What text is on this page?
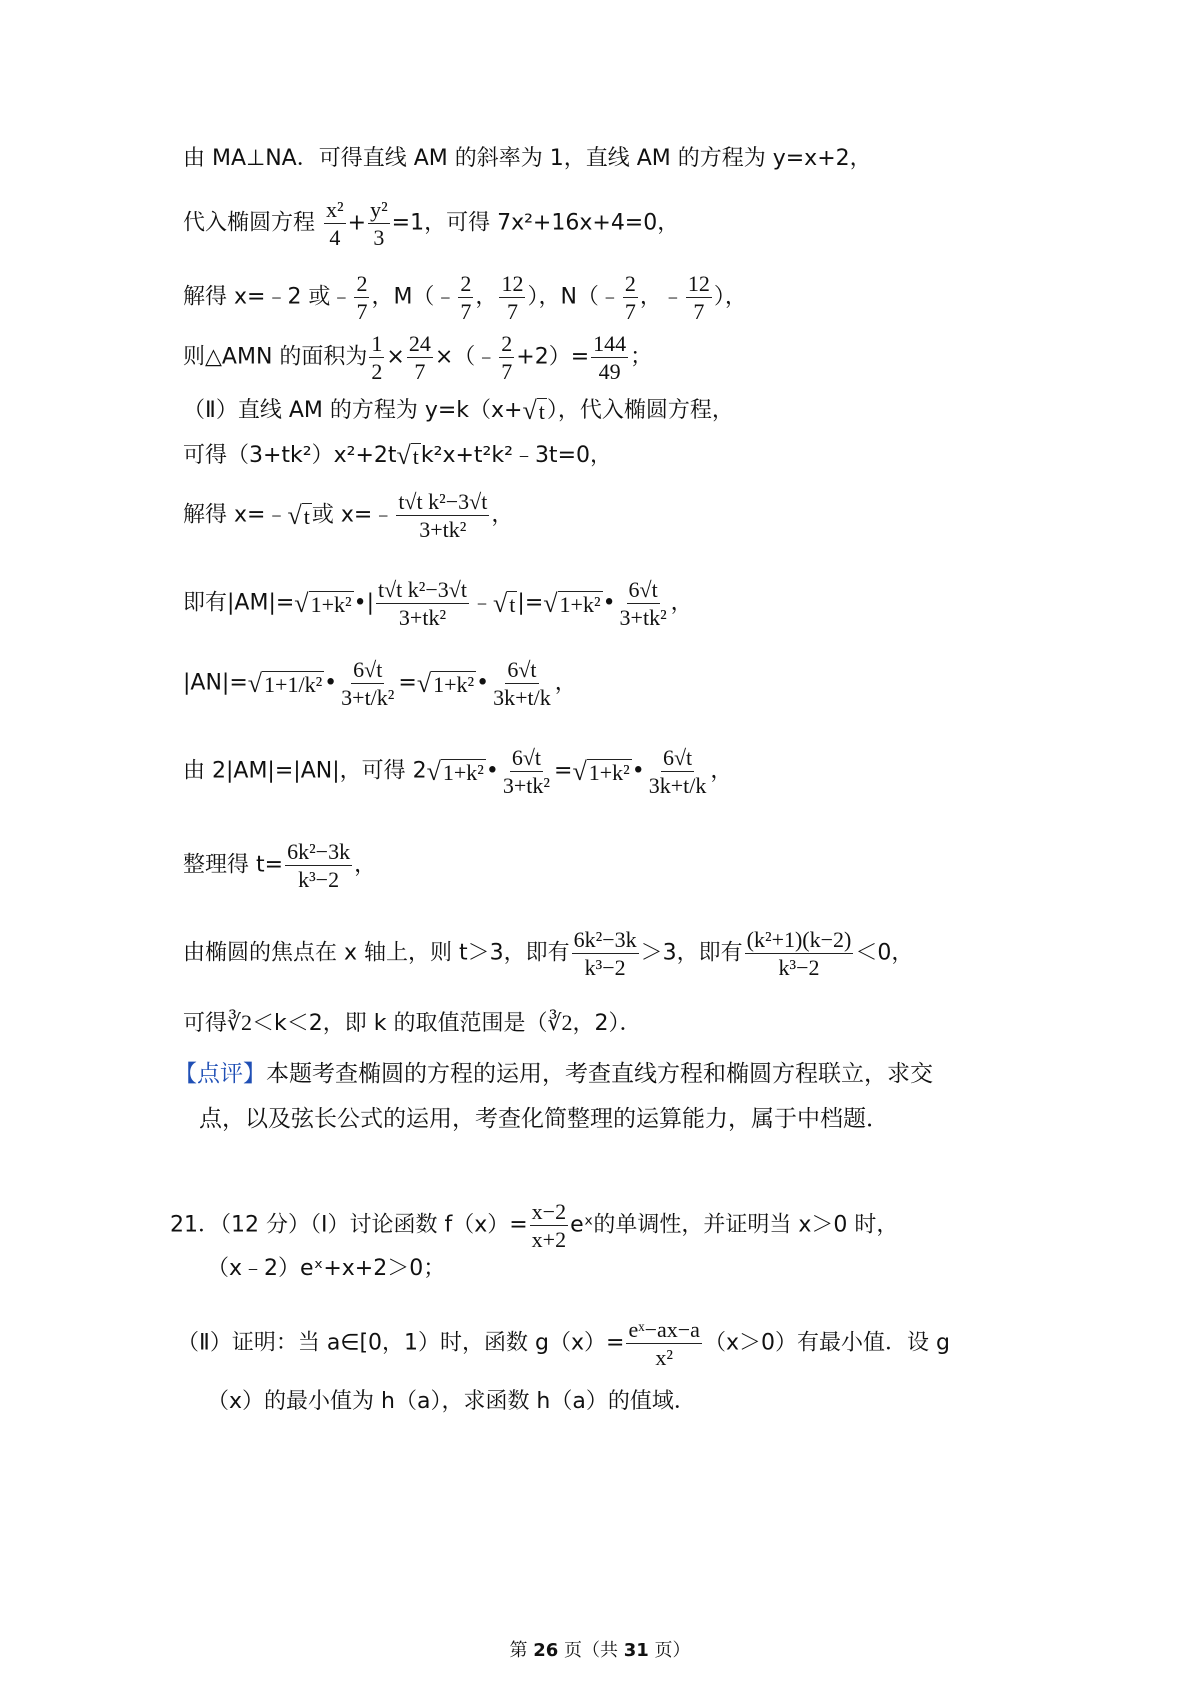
由 MA⊥NA．可得直线 AM 的斜率为 1，直线 AM 的方程为 y=x+2，
代入椭圆方程 $\frac{\text{x²}}{4} + \frac{\text{y²}}{3} =1$，可得 7x²+16x+4=0，
解得 x=﹣2 或﹣ $\frac{2}{7}$ ，M（﹣ $\frac{2}{7}$ ， $\frac{12}{7}$ ），N（﹣ $\frac{2}{7}$ ，﹣ $\frac{12}{7}$ ），
则△AMN 的面积为 $\frac{1}{2} \times \frac{24}{7}$ ×（﹣ $\frac{2}{7} +2)= \frac{144}{49}$ ；
（Ⅱ）直线 AM 的方程为 y=k（x+√t），代入椭圆方程，
可得（3+tk²）x²+2t√tk²x+t²k²﹣3t=0，
解得 x=﹣√t或 x=﹣ $\frac{\text{t√t k²−3√t}}{\text{3+tk²}}$ ，
即有|AM|=√1+k²•| $\frac{\text{t√t k²−3√t}}{\text{3+tk²}}$ ﹣√t|=√1+k²• $\frac{6√t}{\text{3+tk²}}$ ，
|AN|=√1+1/k²• $\frac{6√t}{\text{3+t/k²}}$ =√1+k²• $\frac{6√t}{3k+t/k}$ ，
由 2|AM|=|AN|，可得 2√1+k²• $\frac{6√t}{\text{3+tk²}}$ =√1+k²• $\frac{6√t}{3k+t/k}$ ，
整理得 $t= \frac{\text{6k²−3k}}{\text{k³−2}}$ ，
由椭圆的焦点在 x 轴上，则 t＞3，即有 $\frac{\text{6k²−3k}}{\text{k³−2}} >3$，即有 $\frac{\text{(k²+1)(k−2)}}{\text{k³−2}} <0$，
可得∛2＜k＜2，即 k 的取值范围是（∛2，2）．
【点评】本题考查椭圆的方程的运用，考查直线方程和椭圆方程联立，求交
点，以及弦长公式的运用，考查化简整理的运算能力，属于中档题．
21．（12 分）（Ⅰ）讨论函数 $f(x)= \frac{x-2}{x+2}$ eˣ的单调性，并证明当 x＞0 时，
（x﹣2）eˣ+x+2＞0；
（Ⅱ）证明：当 a∈[0，1）时，函数 $g(x)= \frac{\text{eˣ−ax−a}}{\text{x²}} (x>0)$有最小值．设 g
（x）的最小值为 h（a），求函数 h（a）的值域．
第 26 页（共 31 页）
